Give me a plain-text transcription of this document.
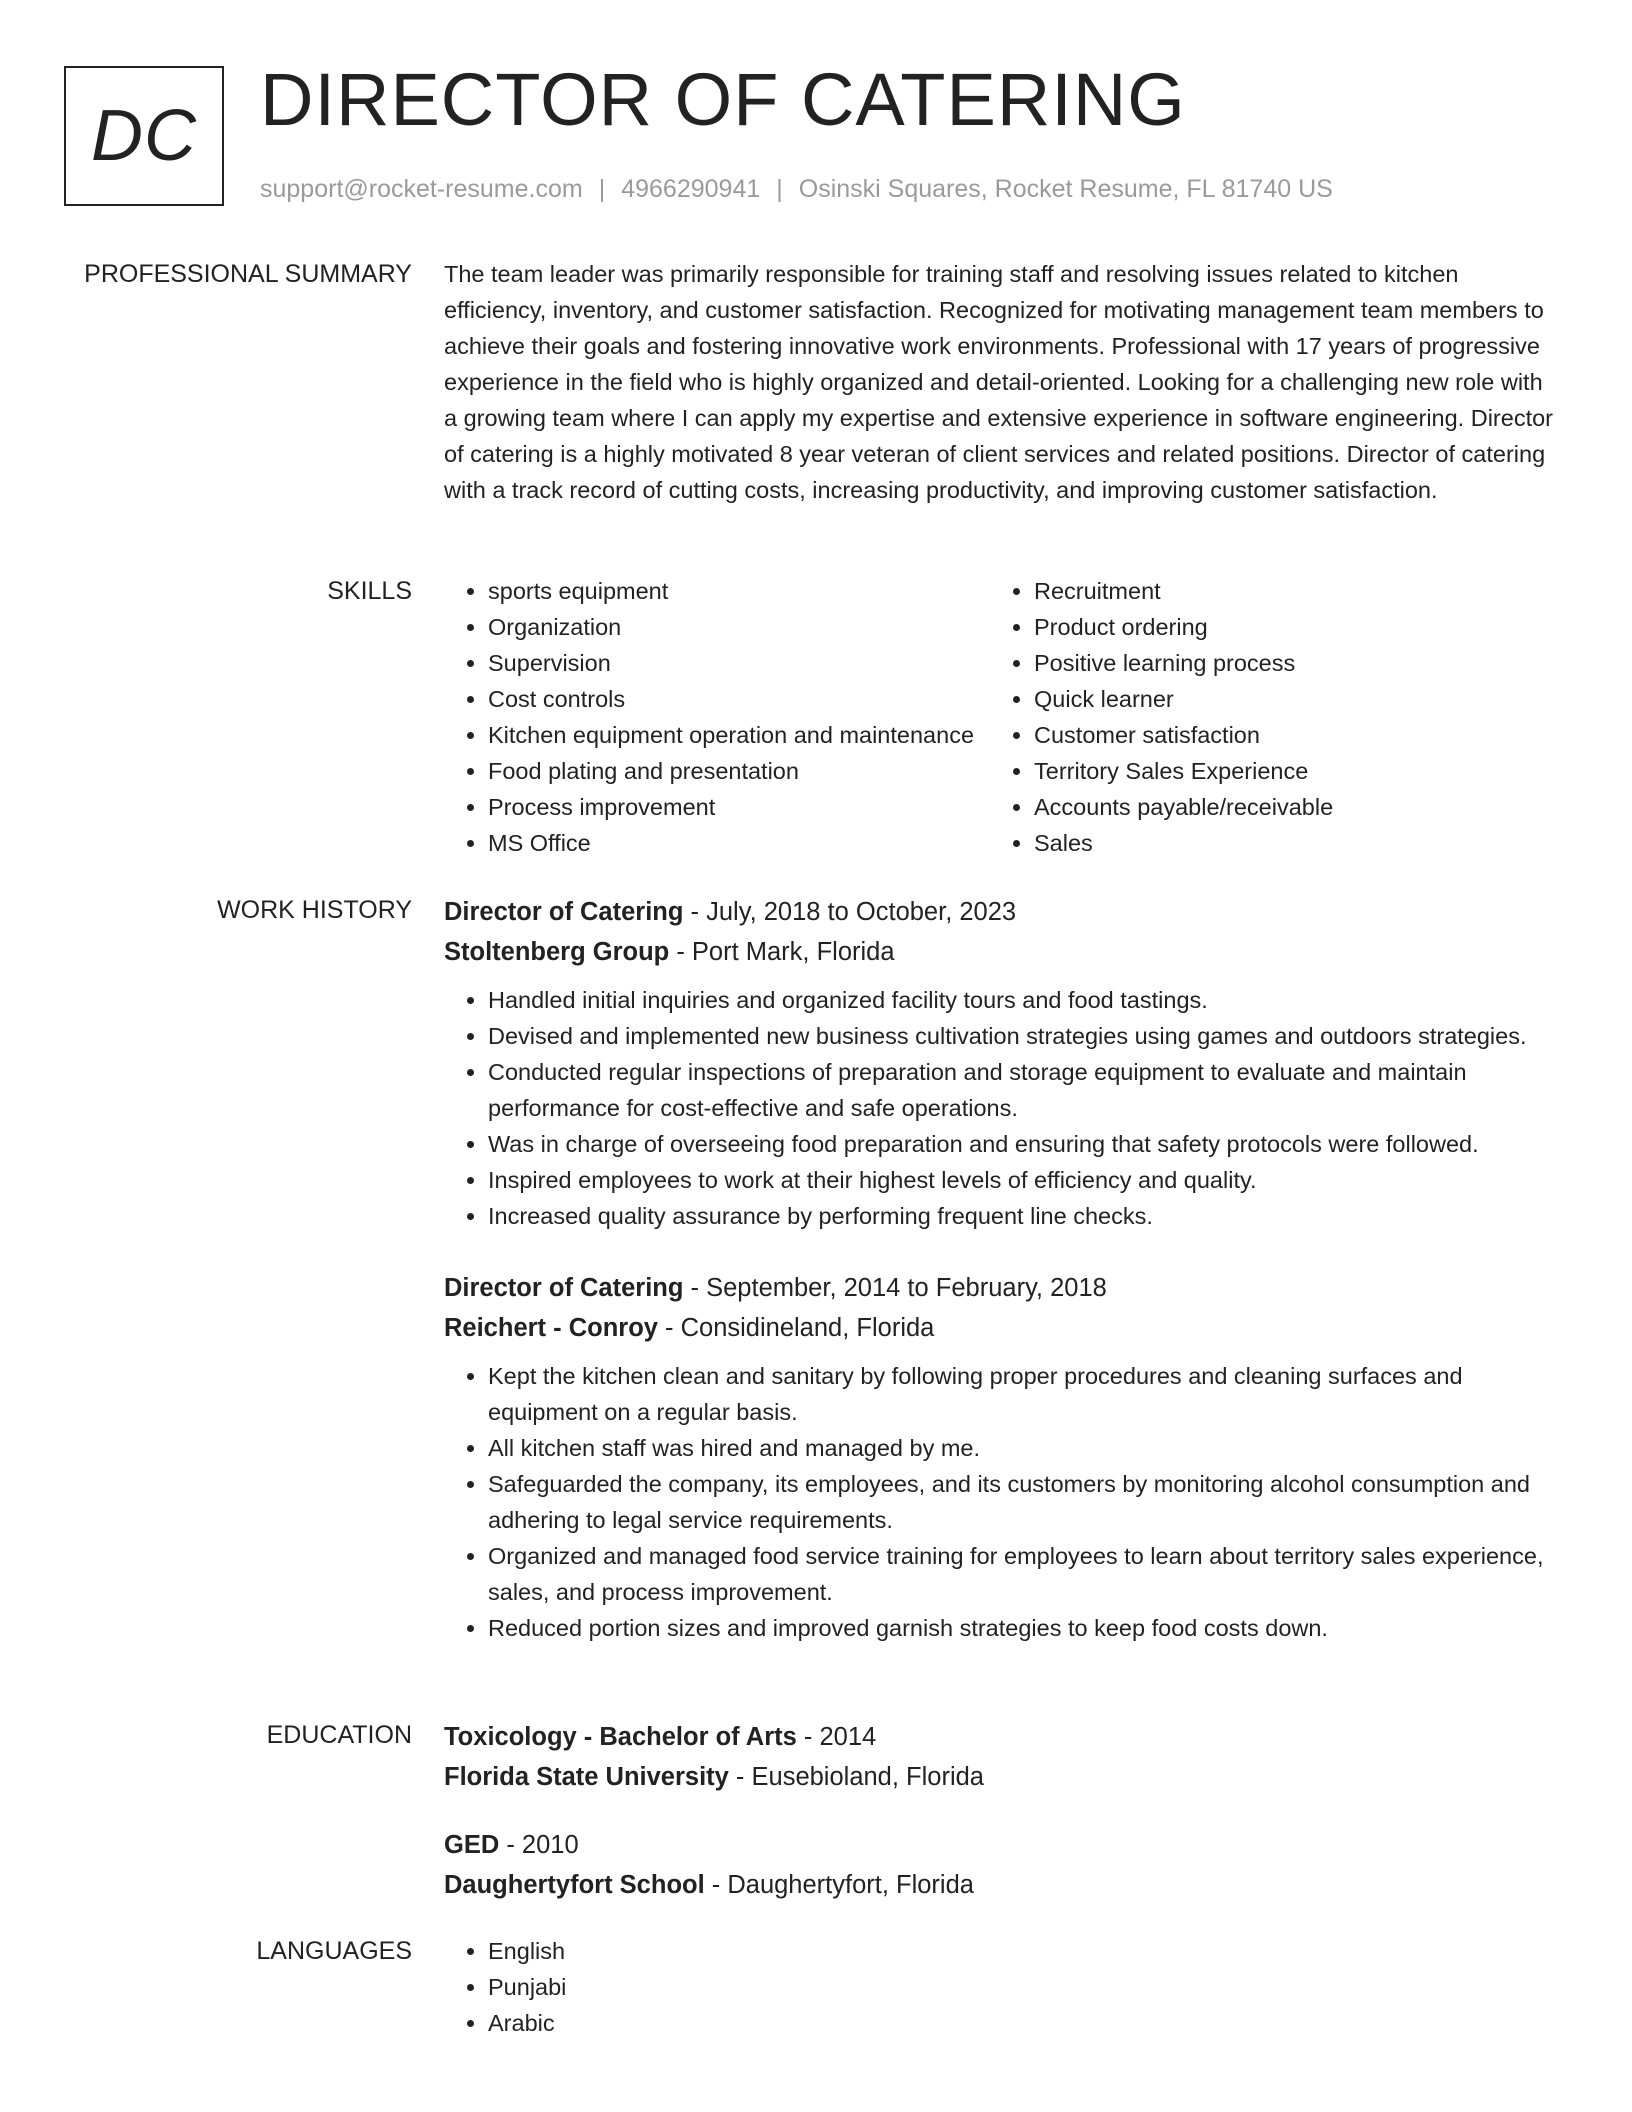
DC DIRECTOR OF CATERING
support@rocket-resume.com | 4966290941 | Osinski Squares, Rocket Resume, FL 81740 US
PROFESSIONAL SUMMARY The team leader was primarily responsible for training staff and resolving issues related to kitchen efficiency, inventory, and customer satisfaction. Recognized for motivating management team members to achieve their goals and fostering innovative work environments. Professional with 17 years of progressive experience in the field who is highly organized and detail-oriented. Looking for a challenging new role with a growing team where I can apply my expertise and extensive experience in software engineering. Director of catering is a highly motivated 8 year veteran of client services and related positions. Director of catering with a track record of cutting costs, increasing productivity, and improving customer satisfaction.

SKILLS	• sports equipment
• Organization
• Supervision
• Cost controls
• Kitchen equipment operation and maintenance
• Food plating and presentation
• Process improvement
• MS Office
• Recruitment
• Product ordering
• Positive learning process
• Quick learner
• Customer satisfaction
• Territory Sales Experience
• Accounts payable/receivable
• Sales
WORK HISTORY Director of Catering - July, 2018 to October, 2023

Stoltenberg Group - Port Mark, Florida

• Handled initial inquiries and organized facility tours and food tastings.
• Devised and implemented new business cultivation strategies using games and outdoors strategies.
• Conducted regular inspections of preparation and storage equipment to evaluate and maintain performance for cost-effective and safe operations.
• Was in charge of overseeing food preparation and ensuring that safety protocols were followed.
• Inspired employees to work at their highest levels of efficiency and quality.
• Increased quality assurance by performing frequent line checks.

Director of Catering - September, 2014 to February, 2018

Reichert - Conroy - Considineland, Florida

• Kept the kitchen clean and sanitary by following proper procedures and cleaning surfaces and equipment on a regular basis.
• All kitchen staff was hired and managed by me.
• Safeguarded the company, its employees, and its customers by monitoring alcohol consumption and adhering to legal service requirements.
• Organized and managed food service training for employees to learn about territory sales experience, sales, and process improvement.
• Reduced portion sizes and improved garnish strategies to keep food costs down.
EDUCATION Toxicology - Bachelor of Arts - 2014

Florida State University - Eusebioland, Florida

GED - 2010

Daughertyfort School - Daughertyfort, Florida

LANGUAGES	• English
• Punjabi
• Arabic
